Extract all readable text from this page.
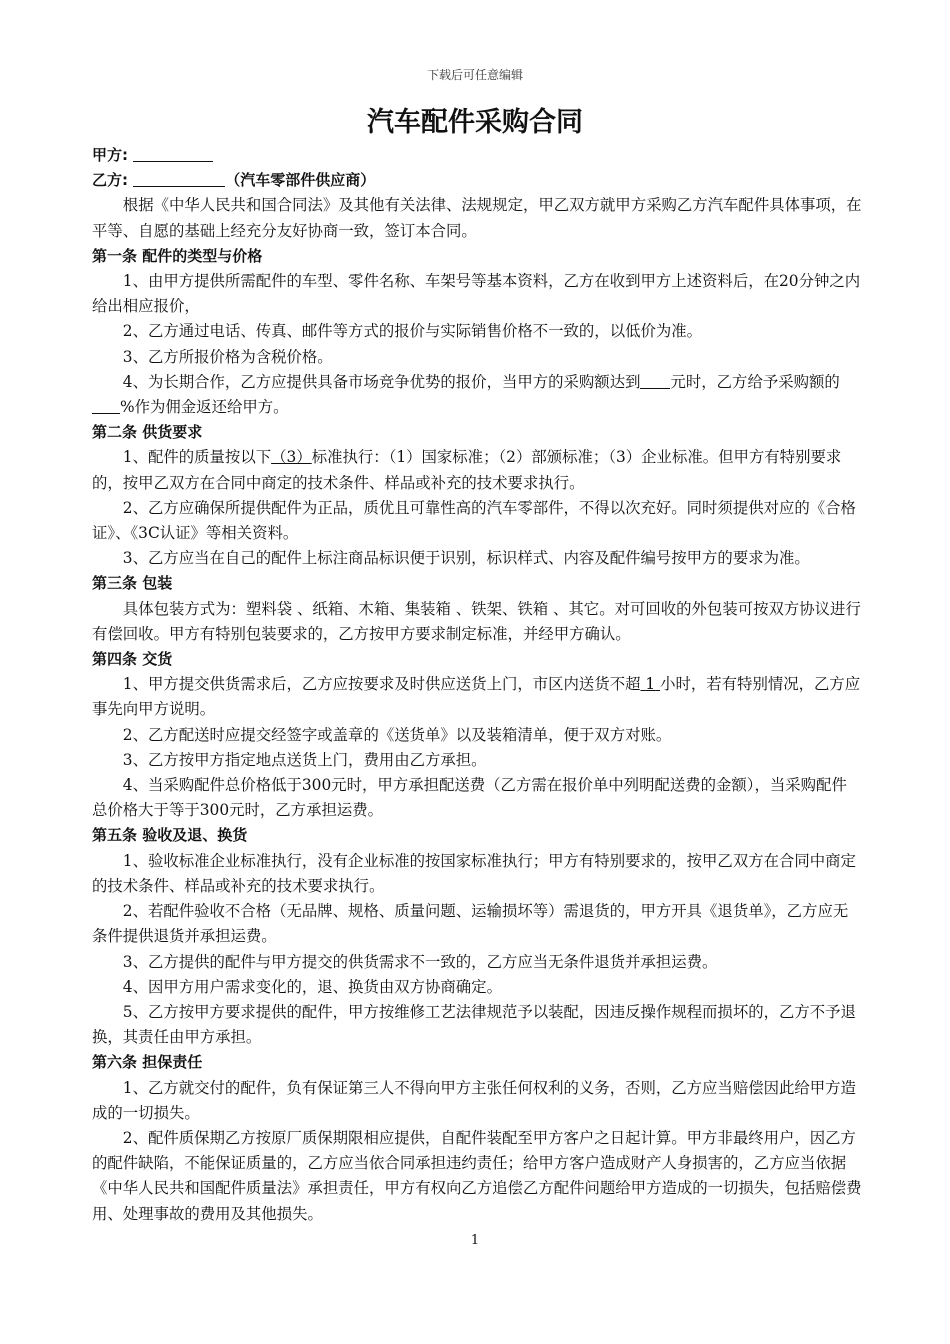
下载后可任意编辑
汽车配件采购合同

甲方:

乙方:	（汽车零部件供应商）

根据《中华人民共和国合同法》及其他有关法律、法规规定，甲乙双方就甲方采购乙方汽车配件具体事项，在平等、自愿的基础上经充分友好协商一致，签订本合同。

第一条 配件的类型与价格

1、由甲方提供所需配件的车型、零件名称、车架号等基本资料，乙方在收到甲方上述资料后，在20分钟之内给出相应报价，

2、乙方通过电话、传真、邮件等方式的报价与实际销售价格不一致的，以低价为准。

3、乙方所报价格为含税价格。

4、为长期合作，乙方应提供具备市场竞争优势的报价，当甲方的采购额达到 元时，乙方给予采购额的%作为佣金返还给甲方。

第二条 供货要求

1、配件的质量按以下（3）标准执行：（1）国家标准；（2）部颁标准；（3）企业标准。但甲方有特别要求的，按甲乙双方在合同中商定的技术条件、样品或补充的技术要求执行。

2、乙方应确保所提供配件为正品，质优且可靠性高的汽车零部件，不得以次充好。同时须提供对应的《合格证》、《3C认证》等相关资料。

3、乙方应当在自己的配件上标注商品标识便于识别，标识样式、内容及配件编号按甲方的要求为准。

第三条 包装

具体包装方式为：塑料袋 、纸箱、木箱、集装箱 、铁架、铁箱 、其它。对可回收的外包装可按双方协议进行有偿回收。甲方有特别包装要求的，乙方按甲方要求制定标准，并经甲方确认。

第四条 交货

1、甲方提交供货需求后，乙方应按要求及时供应送货上门，市区内送货不超 1 小时，若有特别情况，乙方应事先向甲方说明。

2、乙方配送时应提交经签字或盖章的《送货单》以及装箱清单，便于双方对账。

3、乙方按甲方指定地点送货上门，费用由乙方承担。

4、当采购配件总价格低于300元时，甲方承担配送费（乙方需在报价单中列明配送费的金额），当采购配件总价格大于等于300元时，乙方承担运费。

第五条 验收及退、换货

1、验收标准企业标准执行，没有企业标准的按国家标准执行；甲方有特别要求的，按甲乙双方在合同中商定的技术条件、样品或补充的技术要求执行。

2、若配件验收不合格（无品牌、规格、质量问题、运输损坏等）需退货的，甲方开具《退货单》，乙方应无条件提供退货并承担运费。

3、乙方提供的配件与甲方提交的供货需求不一致的，乙方应当无条件退货并承担运费。

4、因甲方用户需求变化的，退、换货由双方协商确定。

5、乙方按甲方要求提供的配件，甲方按维修工艺法律规范予以装配，因违反操作规程而损坏的，乙方不予退换，其责任由甲方承担。

第六条 担保责任

1、乙方就交付的配件，负有保证第三人不得向甲方主张任何权利的义务，否则，乙方应当赔偿因此给甲方造成的一切损失。

2、配件质保期乙方按原厂质保期限相应提供，自配件装配至甲方客户之日起计算。甲方非最终用户，因乙方的配件缺陷，不能保证质量的，乙方应当依合同承担违约责任；给甲方客户造成财产人身损害的，乙方应当依据《中华人民共和国配件质量法》承担责任，甲方有权向乙方追偿乙方配件问题给甲方造成的一切损失，包括赔偿费用、处理事故的费用及其他损失。

1
